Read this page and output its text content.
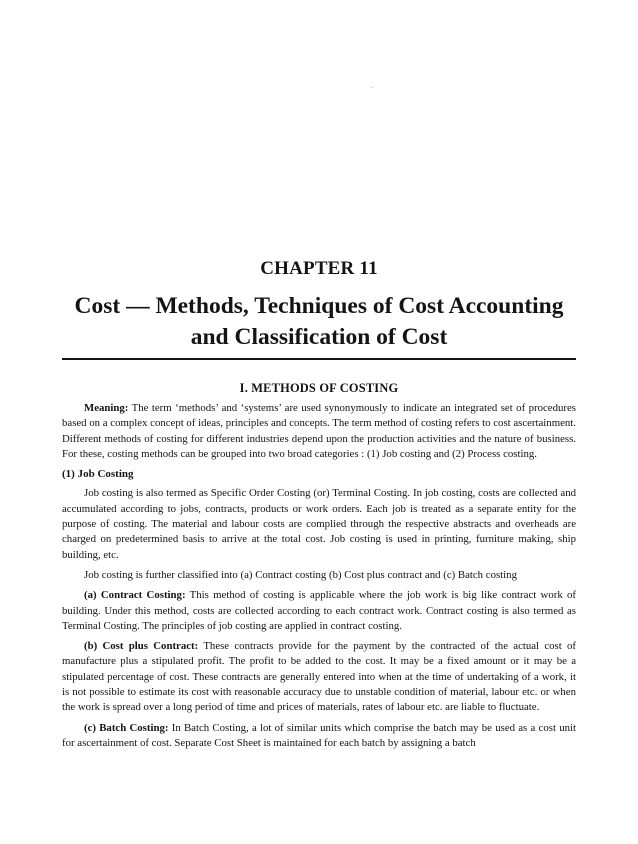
CHAPTER 11
Cost — Methods, Techniques of Cost Accounting
and Classification of Cost
I. METHODS OF COSTING

Meaning: The term ‘methods’ and ‘systems’ are used synonymously to indicate an integrated set of procedures based on a complex concept of ideas, principles and concepts. The term method of costing refers to cost ascertainment. Different methods of costing for different industries depend upon the production activities and the nature of business. For these, costing methods can be grouped into two broad categories : (1) Job costing and (2) Process costing.

(1) Job Costing

Job costing is also termed as Specific Order Costing (or) Terminal Costing. In job costing, costs are collected and accumulated according to jobs, contracts, products or work orders. Each job is treated as a separate entity for the purpose of costing. The material and labour costs are complied through the respective abstracts and overheads are charged on predetermined basis to arrive at the total cost. Job costing is used in printing, furniture making, ship building, etc.

Job costing is further classified into (a) Contract costing (b) Cost plus contract and (c) Batch costing

(a) Contract Costing: This method of costing is applicable where the job work is big like contract work of building. Under this method, costs are collected according to each contract work. Contract costing is also termed as Terminal Costing. The principles of job costing are applied in contract costing.

(b) Cost plus Contract: These contracts provide for the payment by the contracted of the actual cost of manufacture plus a stipulated profit. The profit to be added to the cost. It may be a fixed amount or it may be a stipulated percentage of cost. These contracts are generally entered into when at the time of undertaking of a work, it is not possible to estimate its cost with reasonable accuracy due to unstable condition of material, labour etc. or when the work is spread over a long period of time and prices of materials, rates of labour etc. are liable to fluctuate.

(c) Batch Costing: In Batch Costing, a lot of similar units which comprise the batch may be used as a cost unit for ascertainment of cost. Separate Cost Sheet is maintained for each batch by assigning a batch
